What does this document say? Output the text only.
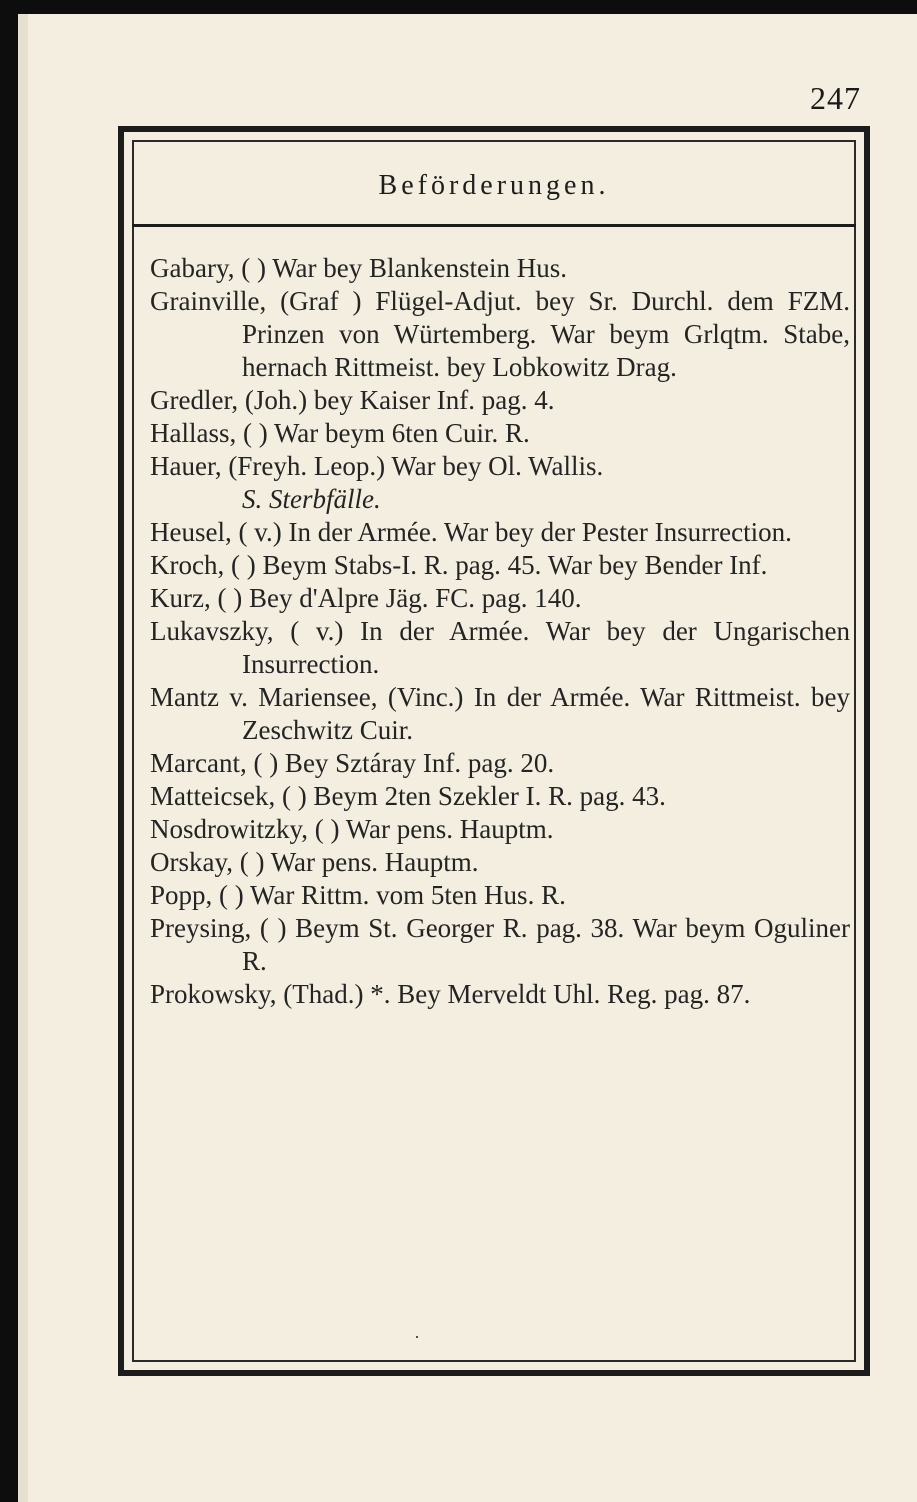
247
Beförderungen.
Gabary, ( ) War bey Blankenstein Hus.
Grainville, (Graf ) Flügel-Adjut. bey Sr. Durchl. dem FZM. Prinzen von Würtemberg. War beym Grlqtm. Stabe, hernach Rittmeist. bey Lobkowitz Drag.
Gredler, (Joh.) bey Kaiser Inf. pag. 4.
Hallass, ( ) War beym 6ten Cuir. R.
Hauer, (Freyh. Leop.) War bey Ol. Wallis.
S. Sterbfälle.
Heusel, ( v.) In der Armée. War bey der Pester Insurrection.
Kroch, ( ) Beym Stabs-I. R. pag. 45. War bey Bender Inf.
Kurz, ( ) Bey d'Alpre Jäg. FC. pag. 140.
Lukavszky, ( v.) In der Armée. War bey der Ungarischen Insurrection.
Mantz v. Mariensee, (Vinc.) In der Armée. War Rittmeist. bey Zeschwitz Cuir.
Marcant, ( ) Bey Sztáray Inf. pag. 20.
Matteicsek, ( ) Beym 2ten Szekler I. R. pag. 43.
Nosdrowitzky, ( ) War pens. Hauptm.
Orskay, ( ) War pens. Hauptm.
Popp, ( ) War Rittm. vom 5ten Hus. R.
Preysing, ( ) Beym St. Georger R. pag. 38. War beym Oguliner R.
Prokowsky, (Thad.) *. Bey Merveldt Uhl. Reg. pag. 87.
·
